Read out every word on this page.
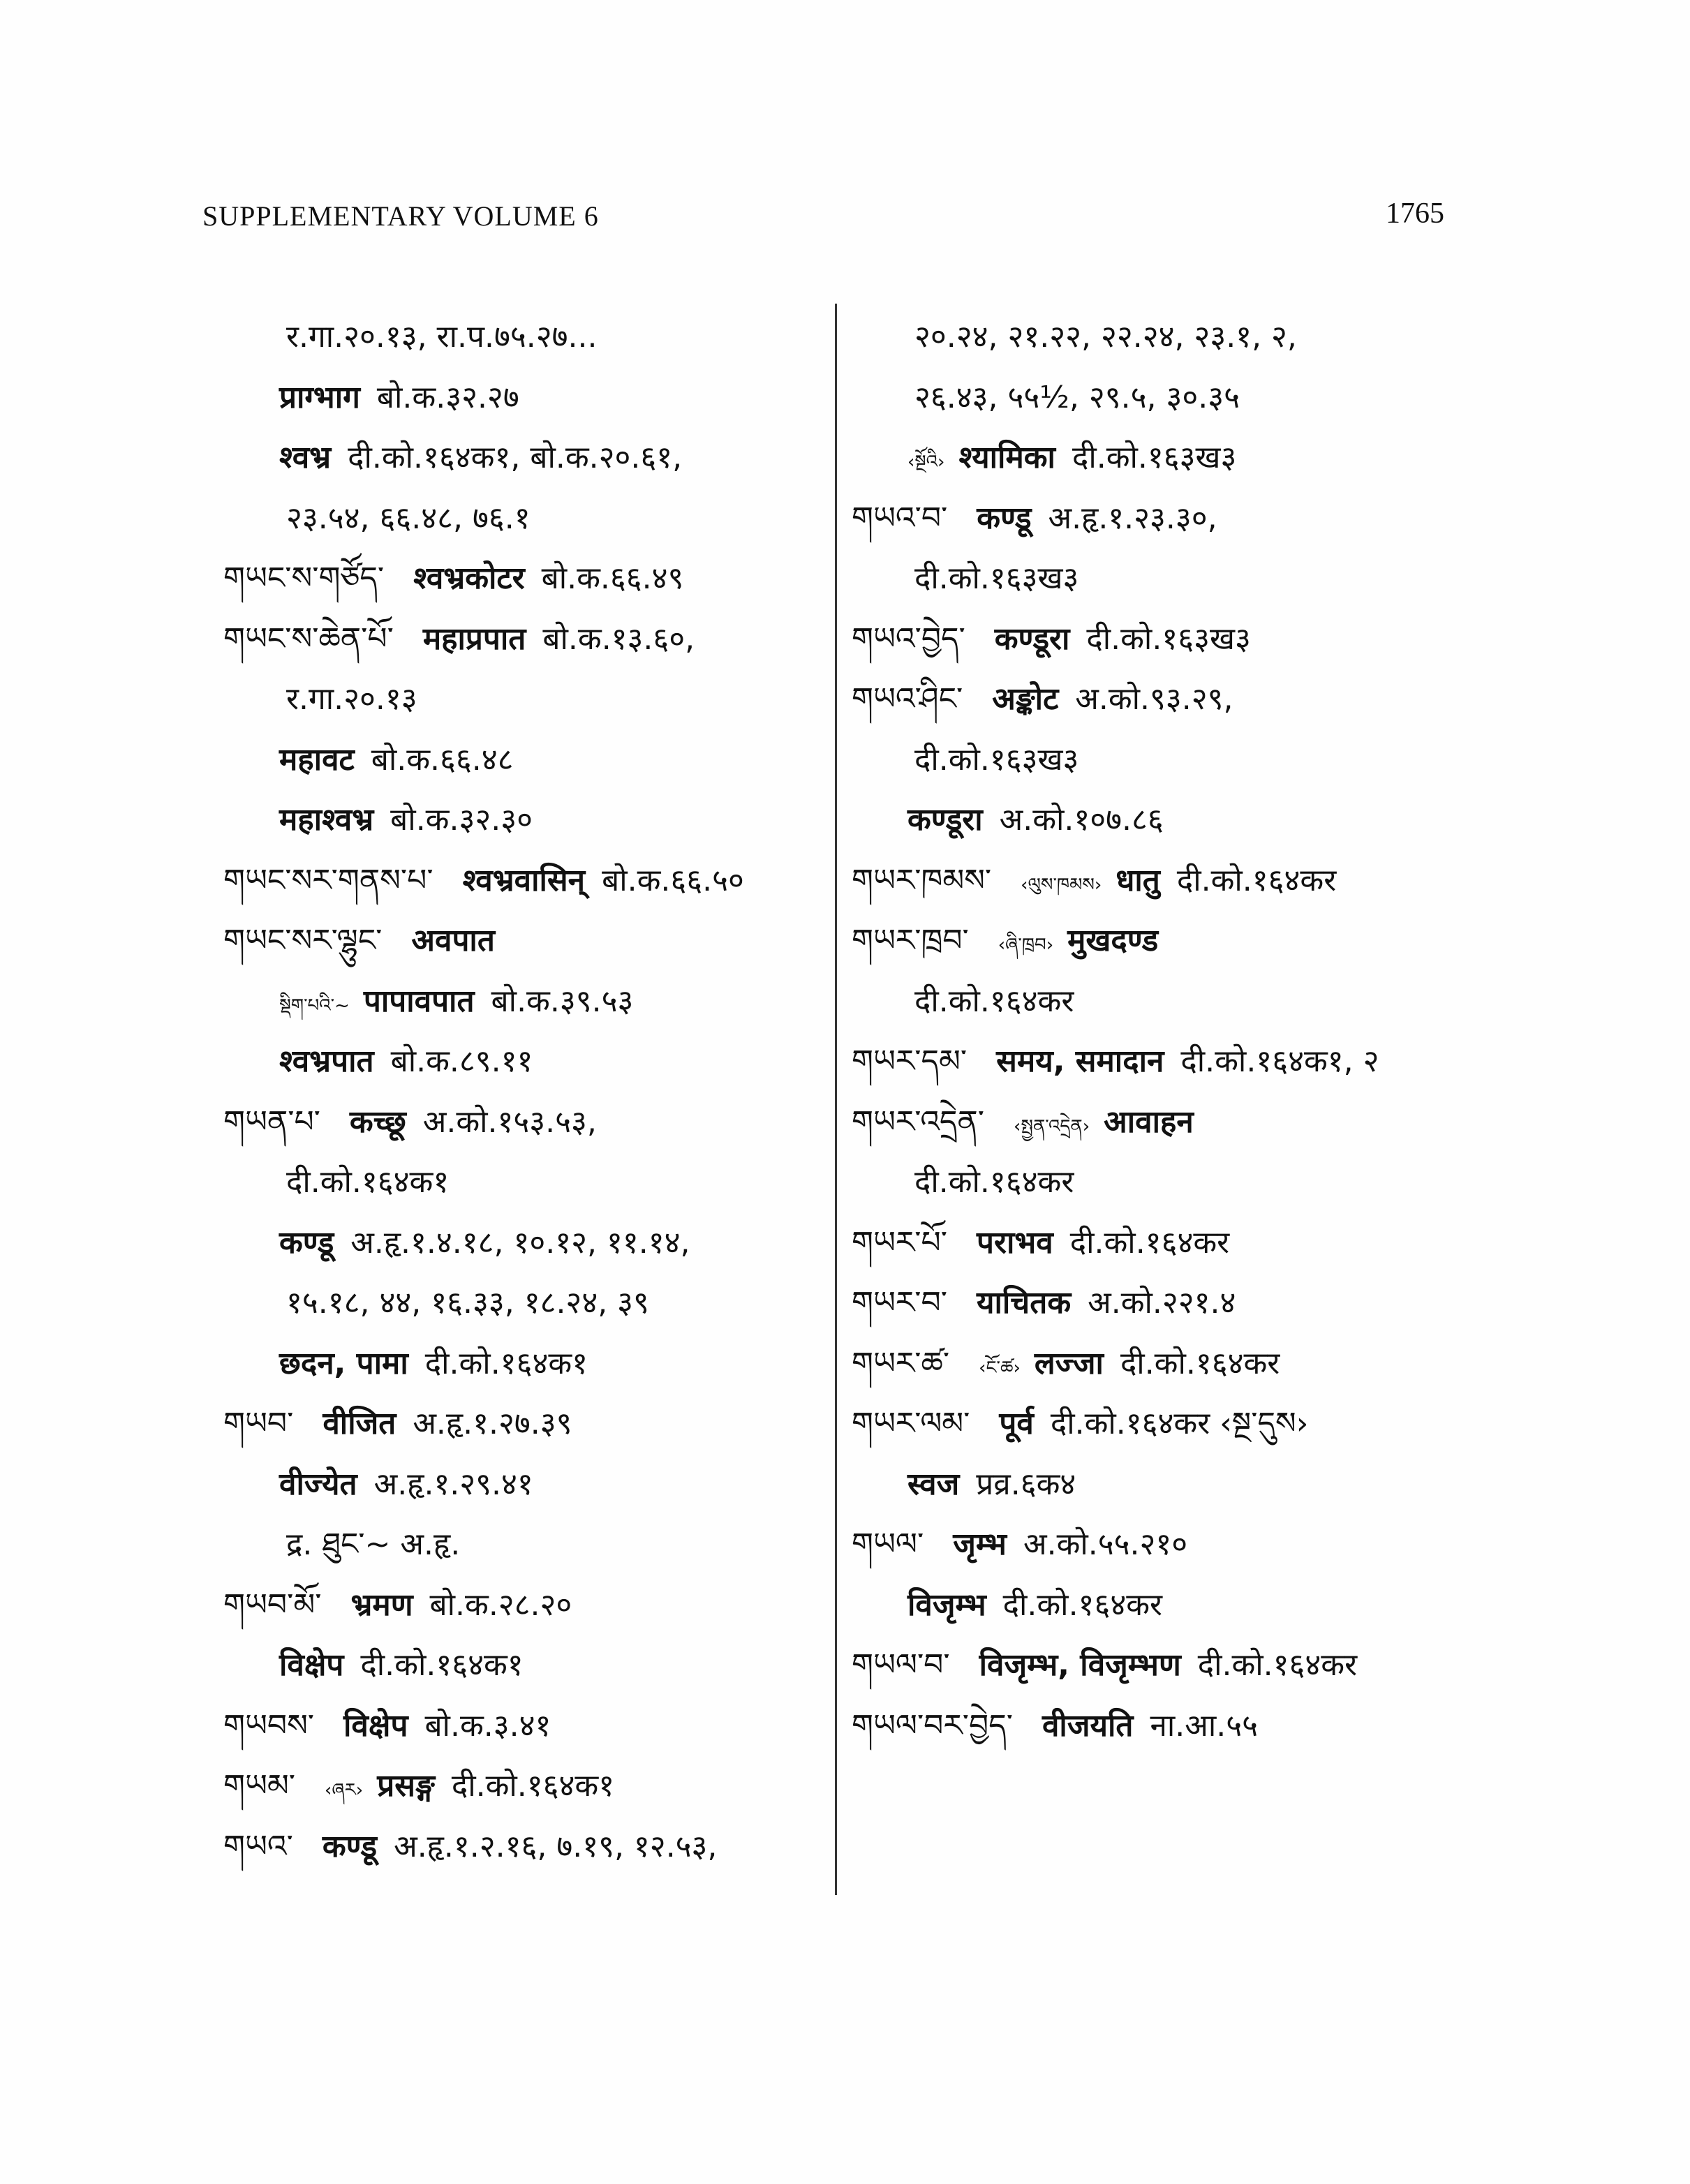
SUPPLEMENTARY VOLUME 6	1765
र.गा.२०.१३, रा.प.७५.२७...
प्राग्भाग बो.क.३२.२७
श्वभ्र दी.को.१६४क१, बो.क.२०.६१,
२३.५४, ६६.४८, ७६.१
གཡང་ས་གཙོད་ श्वभ्रकोटर बो.क.६६.४९
གཡང་ས་ཆེན་པོ་ महाप्रपात बो.क.१३.६०,
र.गा.२०.१३
महावट बो.क.६६.४८
महाश्वभ्र बो.क.३२.३०
གཡང་སར་གནས་པ་ श्वभ्रवासिन् बो.क.६६.५०
གཡང་སར་ལྷུང་ अवपात
སྡིག་པའི་~ पापावपात बो.क.३९.५३
श्वभ्रपात बो.क.८९.११
གཡན་པ་ कच्छू अ.को.१५३.५३,
दी.को.१६४क१
कण्डू अ.हृ.१.४.१८, १०.१२, ११.१४,
१५.१८, ४४, १६.३३, १८.२४, ३९
छदन, पामा दी.को.१६४क१
གཡབ་ वीजित अ.हृ.१.२७.३९
वीज्येत अ.हृ.१.२९.४१
द्र. ཐུང་~ अ.हृ.
གཡབ་མོ་ भ्रमण बो.क.२८.२०
विक्षेप दी.को.१६४क१
གཡབས་ विक्षेप बो.क.३.४१
གཡམ་ ‹ཞར› प्रसङ्ग दी.को.१६४क१
གཡའ་ कण्डू अ.हृ.१.२.१६, ७.१९, १२.५३,
२०.२४, २१.२२, २२.२४, २३.१, २,
२६.४३, ५५½, २९.५, ३०.३५
‹སྔོའི› श्यामिका दी.को.१६३ख३
གཡའ་བ་ कण्डू अ.हृ.१.२३.३०,
दी.को.१६३ख३
གཡའ་བྱེད་ कण्डूरा दी.को.१६३ख३
གཡའ་ཤིང་ अङ्कोट अ.को.९३.२९,
दी.को.१६३ख३
कण्डूरा अ.को.१०७.८६
གཡར་ཁམས་ ‹ལུས་ཁམས› धातु दी.को.१६४कर
གཡར་ཁྲབ་ ‹ཞི་ཁྲབ› मुखदण्ड
दी.को.१६४कर
གཡར་དམ་ समय, समादान दी.को.१६४क१, २
གཡར་འདྲེན་ ‹སྤྱན་འདྲེན› आवाहन
दी.को.१६४कर
གཡར་པོ་ पराभव दी.को.१६४कर
གཡར་བ་ याचितक अ.को.२२१.४
གཡར་ཚ་ ‹ངོ་ཚ› लज्जा दी.को.१६४कर
གཡར་ལམ་ पूर्व दी.को.१६४कर ‹སྔ་དུས›
स्वज प्रव्र.६क४
གཡལ་ जृम्भ अ.को.५५.२१०
विजृम्भ दी.को.१६४कर
གཡལ་བ་ विजृम्भ, विजृम्भण दी.को.१६४कर
གཡལ་བར་བྱེད་ वीजयति ना.आ.५५
